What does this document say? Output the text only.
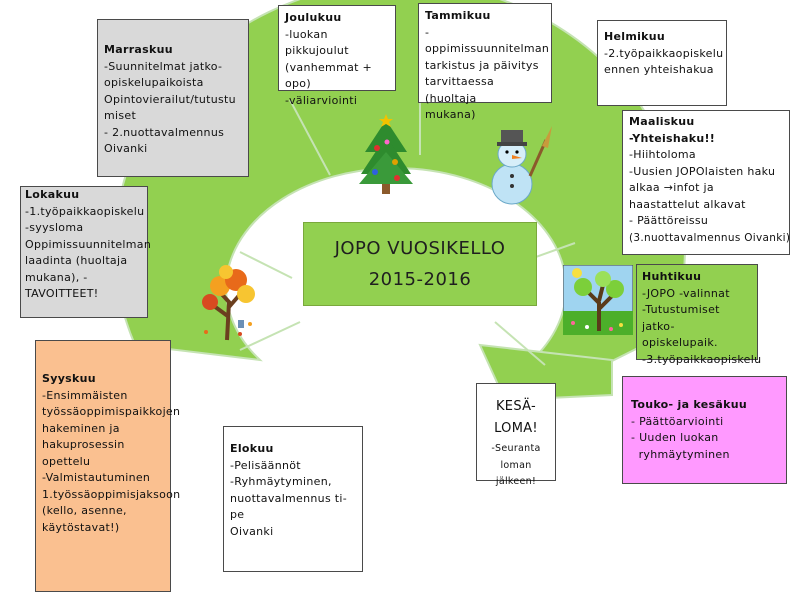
JOPO VUOSIKELLO
2015-2016
Marraskuu
-Suunnitelmat jatko-
opiskelupaikoista
Opintovierailut/tutustu
miset
- 2.nuottavalmennus
Oivanki
Joulukuu
-luokan pikkujoulut
(vanhemmat + opo)
-väliarviointi
Tammikuu
-oppimissuunnitelman
tarkistus ja päivitys
tarvittaessa (huoltaja
mukana)
Helmikuu
-2.työpaikkaopiskelu
ennen yhteishakua
Maaliskuu
-Yhteishaku!!
-Hiihtoloma
-Uusien JOPOlaisten haku
alkaa →infot ja
haastattelut alkavat
- Päättöreissu
(3.nuottavalmennus Oivanki)
Lokakuu
-1.työpaikkaopiskelu
-syysloma
Oppimissuunnitelman
laadinta (huoltaja
mukana), -
TAVOITTEET!
Huhtikuu
-JOPO -valinnat
-Tutustumiset jatko-
opiskelupaik.
-3.työpaikkaopiskelu
Syyskuu
-Ensimmäisten
työssäoppimispaikkojen
hakeminen ja
hakuprosessin opettelu
-Valmistautuminen
1.työssäoppimisjaksoon
(kello, asenne,
käytöstavat!)
Elokuu
-Pelisäännöt
-Ryhmäytyminen,
nuottavalmennus ti-pe
Oivanki
KESÄ-
LOMA!
-Seuranta
loman jälkeen!
Touko- ja kesäkuu
- Päättöarviointi
- Uuden luokan
ryhmäytyminen
